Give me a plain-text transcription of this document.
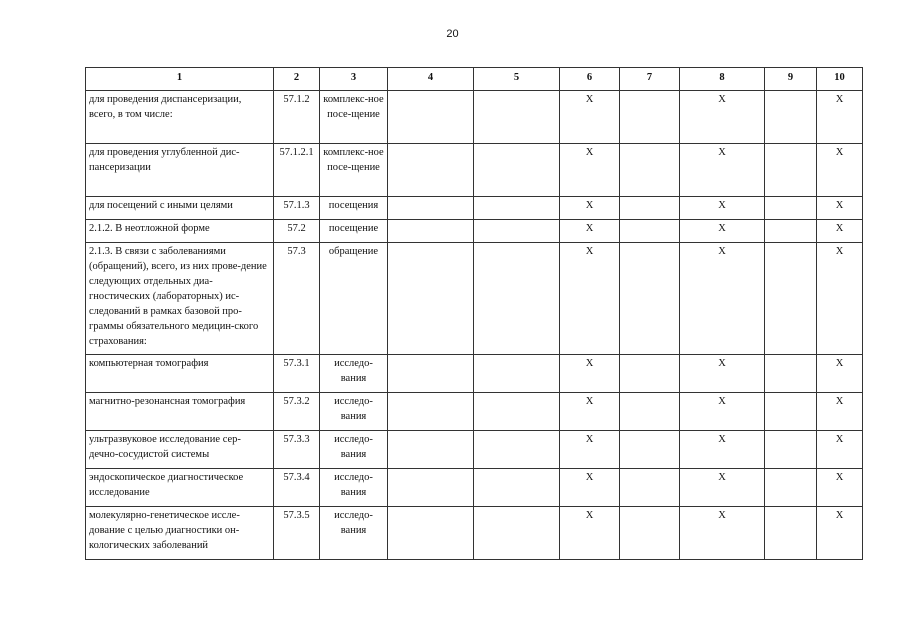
20
1	2	3	4	5	6	7	8	9	10
для проведения диспансеризации, всего, в том числе:	57.1.2	комплекс-ное посе-щение			X		X		X
для проведения углубленной дис-пансеризации	57.1.2.1	комплекс-ное посе-щение			X		X		X
для посещений с иными целями	57.1.3	посещения			X		X		X
2.1.2. В неотложной форме	57.2	посещение			X		X		X
2.1.3. В связи с заболеваниями (обращений), всего, из них прове-дение следующих отдельных диа-гностических (лабораторных) ис-следований в рамках базовой про-граммы обязательного медицин-ского страхования:	57.3	обращение			X		X		X
компьютерная томография	57.3.1	исследо-вания			X		X		X
магнитно-резонансная томография	57.3.2	исследо-вания			X		X		X
ультразвуковое исследование сер-дечно-сосудистой системы	57.3.3	исследо-вания			X		X		X
эндоскопическое диагностическое исследование	57.3.4	исследо-вания			X		X		X
молекулярно-генетическое иссле-дование с целью диагностики он-кологических заболеваний	57.3.5	исследо-вания			X		X		X
